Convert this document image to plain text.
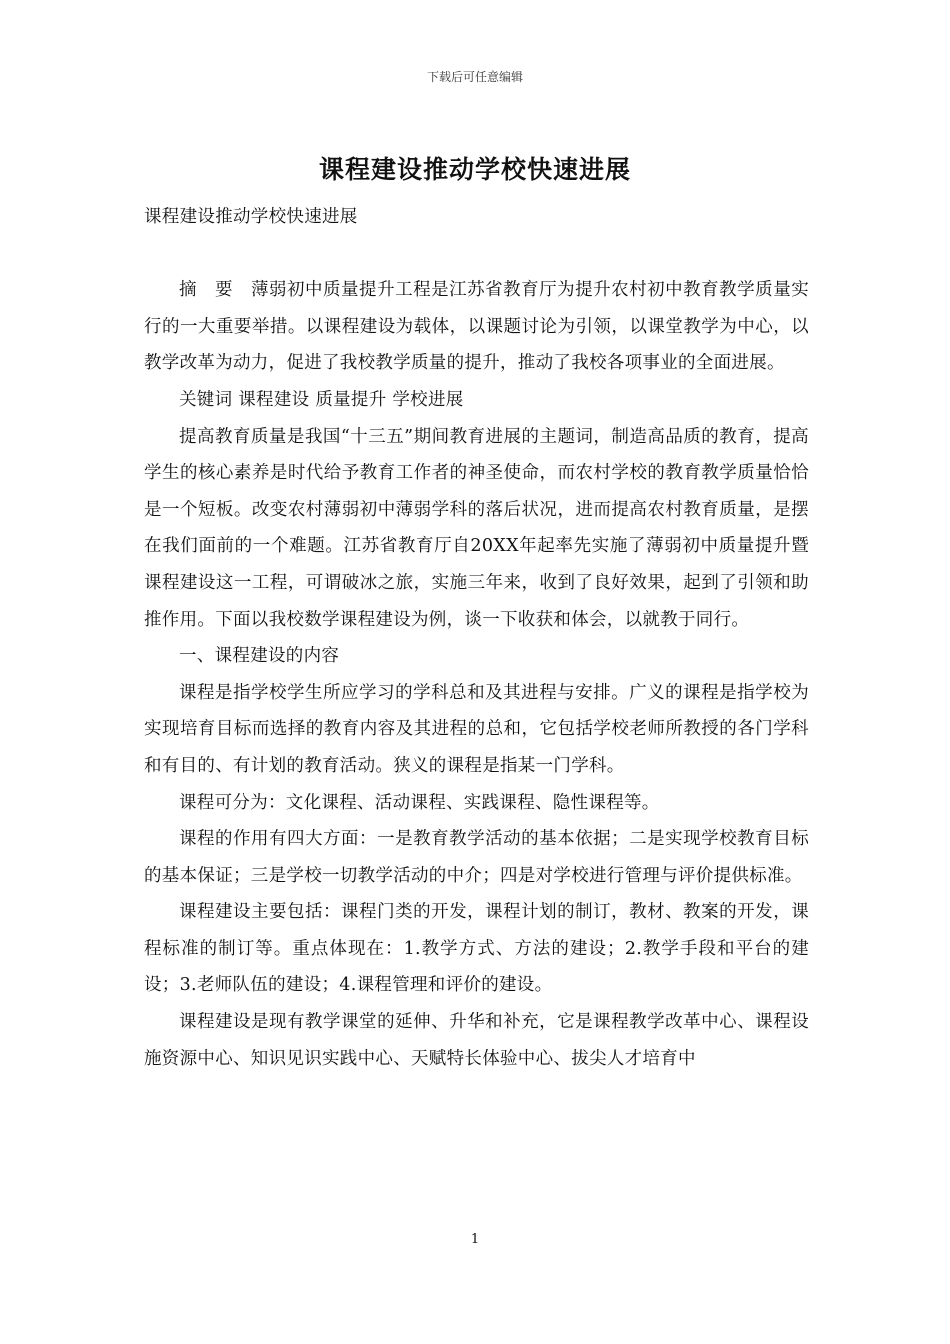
下载后可任意编辑
课程建设推动学校快速进展

课程建设推动学校快速进展

摘　要　薄弱初中质量提升工程是江苏省教育厅为提升农村初中教育教学质量实行的一大重要举措。以课程建设为载体，以课题讨论为引领，以课堂教学为中心，以教学改革为动力，促进了我校教学质量的提升，推动了我校各项事业的全面进展。

关键词 课程建设 质量提升 学校进展

提高教育质量是我国“十三五”期间教育进展的主题词，制造高品质的教育，提高学生的核心素养是时代给予教育工作者的神圣使命，而农村学校的教育教学质量恰恰是一个短板。改变农村薄弱初中薄弱学科的落后状况，进而提高农村教育质量，是摆在我们面前的一个难题。江苏省教育厅自20XX年起率先实施了薄弱初中质量提升暨课程建设这一工程，可谓破冰之旅，实施三年来，收到了良好效果，起到了引领和助推作用。下面以我校数学课程建设为例，谈一下收获和体会，以就教于同行。

一、课程建设的内容

课程是指学校学生所应学习的学科总和及其进程与安排。广义的课程是指学校为实现培育目标而选择的教育内容及其进程的总和，它包括学校老师所教授的各门学科和有目的、有计划的教育活动。狭义的课程是指某一门学科。

课程可分为：文化课程、活动课程、实践课程、隐性课程等。

课程的作用有四大方面：一是教育教学活动的基本依据；二是实现学校教育目标的基本保证；三是学校一切教学活动的中介；四是对学校进行管理与评价提供标准。

课程建设主要包括：课程门类的开发，课程计划的制订，教材、教案的开发，课程标准的制订等。重点体现在：1.教学方式、方法的建设；2.教学手段和平台的建设；3.老师队伍的建设；4.课程管理和评价的建设。

课程建设是现有教学课堂的延伸、升华和补充，它是课程教学改革中心、课程设施资源中心、知识见识实践中心、天赋特长体验中心、拔尖人才培育中

1
